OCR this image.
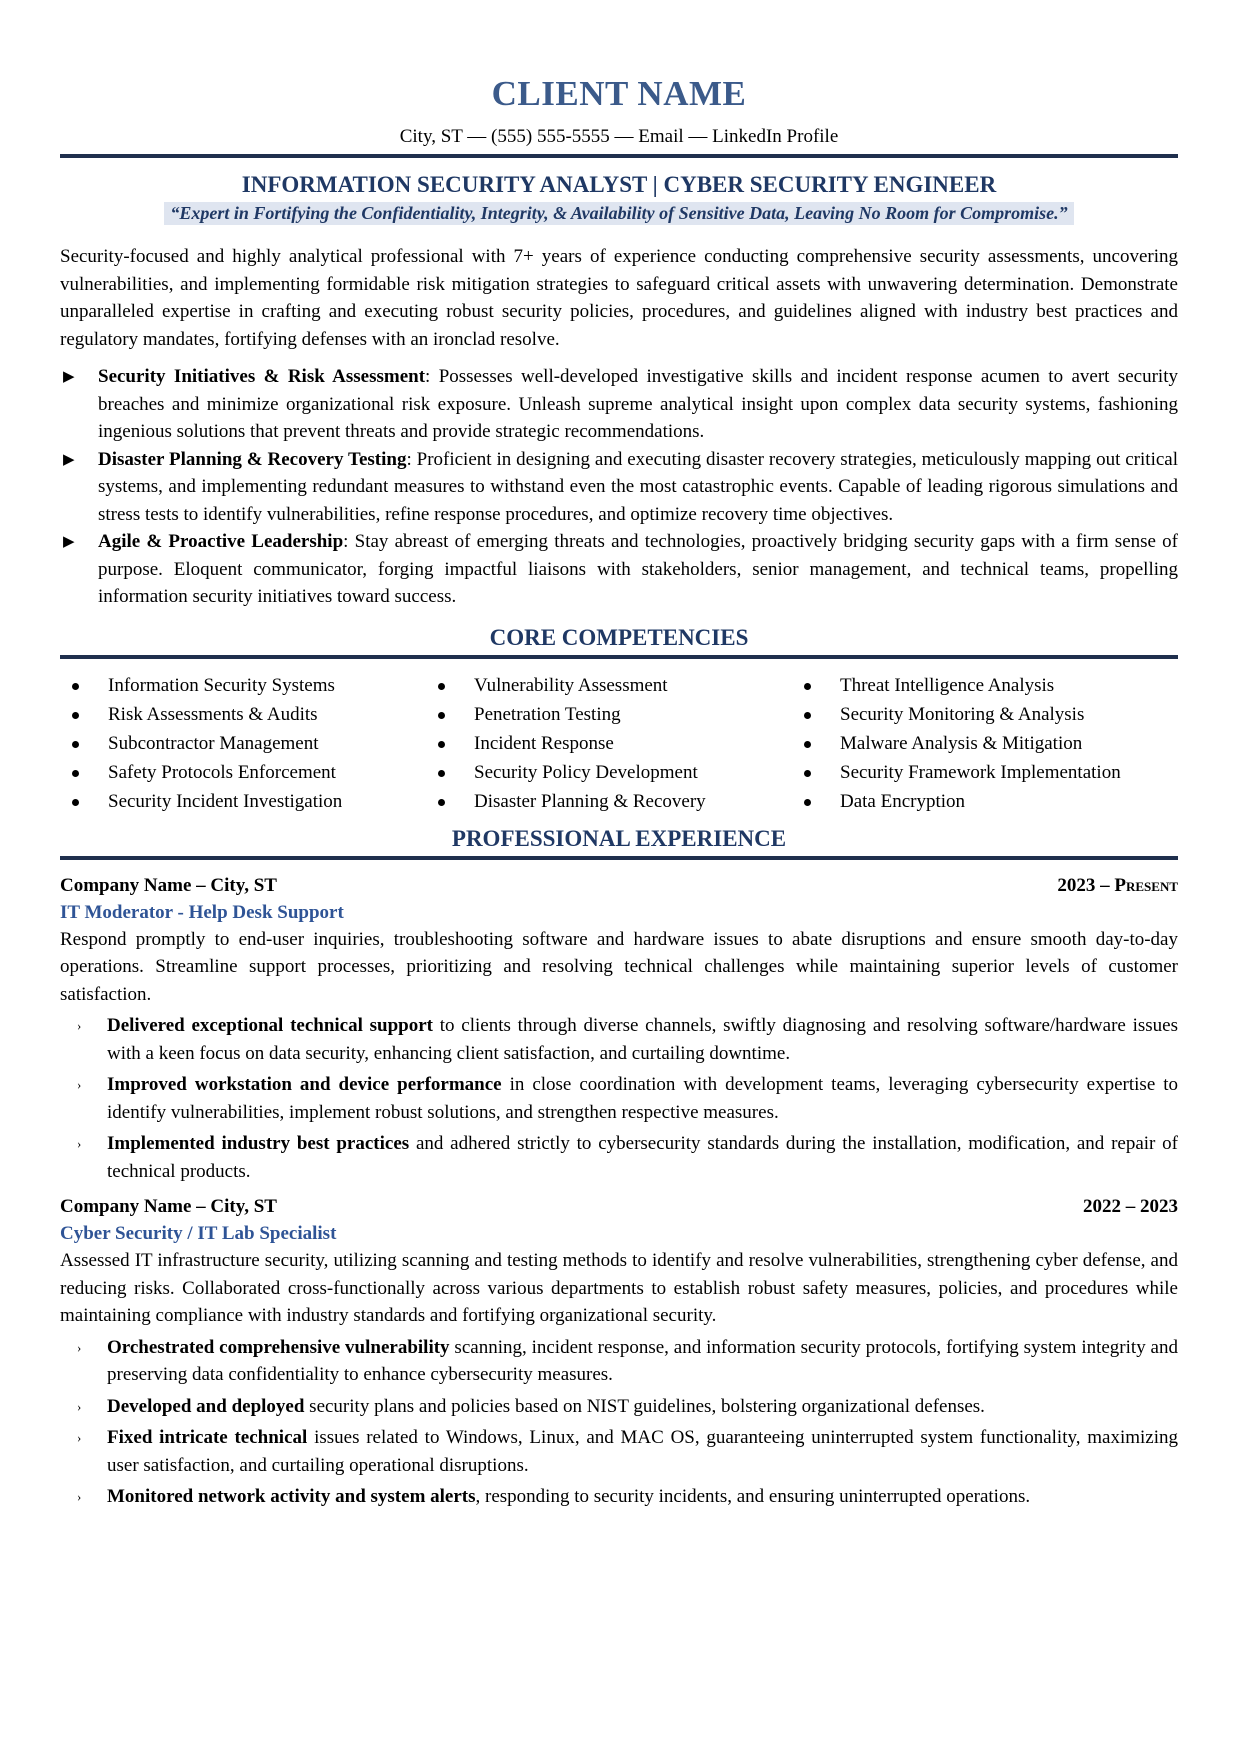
CLIENT NAME
City, ST — (555) 555-5555 — Email — LinkedIn Profile
INFORMATION SECURITY ANALYST | CYBER SECURITY ENGINEER
“Expert in Fortifying the Confidentiality, Integrity, & Availability of Sensitive Data, Leaving No Room for Compromise.”

Security-focused and highly analytical professional with 7+ years of experience conducting comprehensive security assessments, uncovering vulnerabilities, and implementing formidable risk mitigation strategies to safeguard critical assets with unwavering determination. Demonstrate unparalleled expertise in crafting and executing robust security policies, procedures, and guidelines aligned with industry best practices and regulatory mandates, fortifying defenses with an ironclad resolve.

▶ Security Initiatives & Risk Assessment: Possesses well-developed investigative skills and incident response acumen to avert security breaches and minimize organizational risk exposure. Unleash supreme analytical insight upon complex data security systems, fashioning ingenious solutions that prevent threats and provide strategic recommendations.
▶ Disaster Planning & Recovery Testing: Proficient in designing and executing disaster recovery strategies, meticulously mapping out critical systems, and implementing redundant measures to withstand even the most catastrophic events. Capable of leading rigorous simulations and stress tests to identify vulnerabilities, refine response procedures, and optimize recovery time objectives.
▶ Agile & Proactive Leadership: Stay abreast of emerging threats and technologies, proactively bridging security gaps with a firm sense of purpose. Eloquent communicator, forging impactful liaisons with stakeholders, senior management, and technical teams, propelling information security initiatives toward success.
CORE COMPETENCIES
Information Security Systems
Risk Assessments & Audits
Subcontractor Management
Safety Protocols Enforcement
Security Incident Investigation
Vulnerability Assessment
Penetration Testing
Incident Response
Security Policy Development
Disaster Planning & Recovery
Threat Intelligence Analysis
Security Monitoring & Analysis
Malware Analysis & Mitigation
Security Framework Implementation
Data Encryption
PROFESSIONAL EXPERIENCE
Company Name – City, ST	2023 – Present
IT Moderator - Help Desk Support
Respond promptly to end-user inquiries, troubleshooting software and hardware issues to abate disruptions and ensure smooth day-to-day operations. Streamline support processes, prioritizing and resolving technical challenges while maintaining superior levels of customer satisfaction.
› Delivered exceptional technical support to clients through diverse channels, swiftly diagnosing and resolving software/hardware issues with a keen focus on data security, enhancing client satisfaction, and curtailing downtime.
› Improved workstation and device performance in close coordination with development teams, leveraging cybersecurity expertise to identify vulnerabilities, implement robust solutions, and strengthen respective measures.
› Implemented industry best practices and adhered strictly to cybersecurity standards during the installation, modification, and repair of technical products.
Company Name – City, ST	2022 – 2023
Cyber Security / IT Lab Specialist
Assessed IT infrastructure security, utilizing scanning and testing methods to identify and resolve vulnerabilities, strengthening cyber defense, and reducing risks. Collaborated cross-functionally across various departments to establish robust safety measures, policies, and procedures while maintaining compliance with industry standards and fortifying organizational security.
› Orchestrated comprehensive vulnerability scanning, incident response, and information security protocols, fortifying system integrity and preserving data confidentiality to enhance cybersecurity measures.
› Developed and deployed security plans and policies based on NIST guidelines, bolstering organizational defenses.
› Fixed intricate technical issues related to Windows, Linux, and MAC OS, guaranteeing uninterrupted system functionality, maximizing user satisfaction, and curtailing operational disruptions.
› Monitored network activity and system alerts, responding to security incidents, and ensuring uninterrupted operations.
